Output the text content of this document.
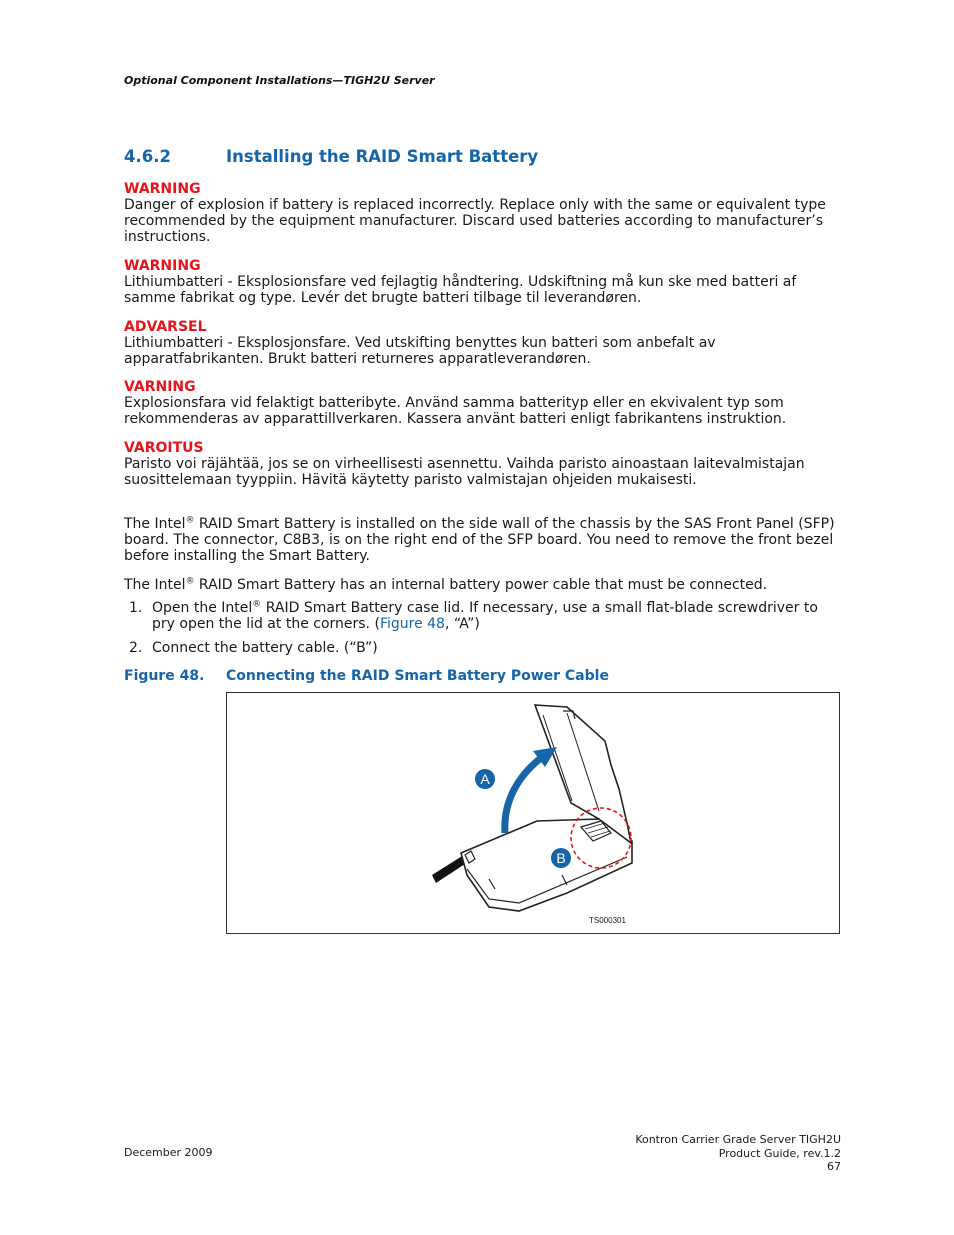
Optional Component Installations—TIGH2U Server
4.6.2	Installing the RAID Smart Battery
WARNING
Danger of explosion if battery is replaced incorrectly. Replace only with the same or equivalent type recommended by the equipment manufacturer. Discard used batteries according to manufacturer’s instructions.
WARNING
Lithiumbatteri - Eksplosionsfare ved fejlagtig håndtering. Udskiftning må kun ske med batteri af samme fabrikat og type. Levér det brugte batteri tilbage til leverandøren.
ADVARSEL
Lithiumbatteri - Eksplosjonsfare. Ved utskifting benyttes kun batteri som anbefalt av apparatfabrikanten. Brukt batteri returneres apparatleverandøren.
VARNING
Explosionsfara vid felaktigt batteribyte. Använd samma batterityp eller en ekvivalent typ som rekommenderas av apparattillverkaren. Kassera använt batteri enligt fabrikantens instruktion.
VAROITUS
Paristo voi räjähtää, jos se on virheellisesti asennettu. Vaihda paristo ainoastaan laitevalmistajan suosittelemaan tyyppiin. Hävitä käytetty paristo valmistajan ohjeiden mukaisesti.
The Intel® RAID Smart Battery is installed on the side wall of the chassis by the SAS Front Panel (SFP) board. The connector, C8B3, is on the right end of the SFP board. You need to remove the front bezel before installing the Smart Battery.
The Intel® RAID Smart Battery has an internal battery power cable that must be connected.
1. Open the Intel® RAID Smart Battery case lid. If necessary, use a small flat-blade screwdriver to pry open the lid at the corners. (Figure 48, “A”)
2. Connect the battery cable. (“B”)
Figure 48. Connecting the RAID Smart Battery Power Cable
A
B
TS000301
December 2009
Kontron Carrier Grade Server TIGH2U
Product Guide, rev.1.2
67
